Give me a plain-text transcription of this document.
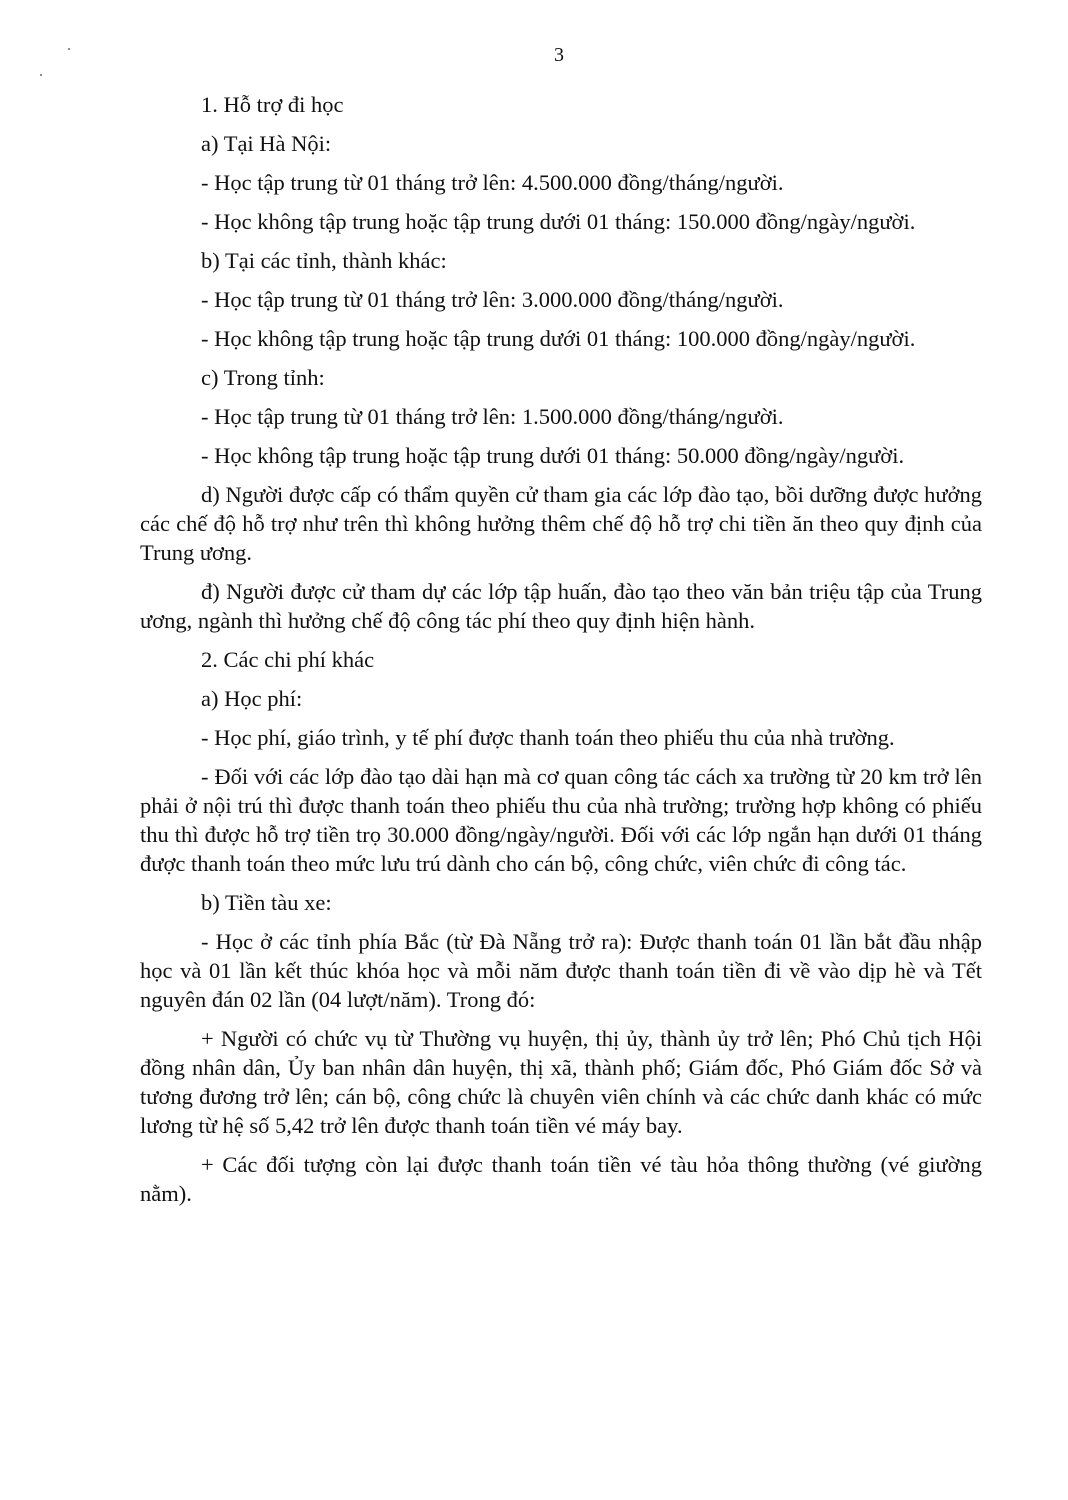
3

1. Hỗ trợ đi học

a) Tại Hà Nội:

- Học tập trung từ 01 tháng trở lên: 4.500.000 đồng/tháng/người.

- Học không tập trung hoặc tập trung dưới 01 tháng: 150.000 đồng/ngày/người.

b) Tại các tỉnh, thành khác:

- Học tập trung từ 01 tháng trở lên: 3.000.000 đồng/tháng/người.

- Học không tập trung hoặc tập trung dưới 01 tháng: 100.000 đồng/ngày/người.

c) Trong tỉnh:

- Học tập trung từ 01 tháng trở lên: 1.500.000 đồng/tháng/người.

- Học không tập trung hoặc tập trung dưới 01 tháng: 50.000 đồng/ngày/người.

d) Người được cấp có thẩm quyền cử tham gia các lớp đào tạo, bồi dưỡng được hưởng các chế độ hỗ trợ như trên thì không hưởng thêm chế độ hỗ trợ chi tiền ăn theo quy định của Trung ương.

đ) Người được cử tham dự các lớp tập huấn, đào tạo theo văn bản triệu tập của Trung ương, ngành thì hưởng chế độ công tác phí theo quy định hiện hành.

2. Các chi phí khác

a) Học phí:

- Học phí, giáo trình, y tế phí được thanh toán theo phiếu thu của nhà trường.

- Đối với các lớp đào tạo dài hạn mà cơ quan công tác cách xa trường từ 20 km trở lên phải ở nội trú thì được thanh toán theo phiếu thu của nhà trường; trường hợp không có phiếu thu thì được hỗ trợ tiền trọ 30.000 đồng/ngày/người. Đối với các lớp ngắn hạn dưới 01 tháng được thanh toán theo mức lưu trú dành cho cán bộ, công chức, viên chức đi công tác.

b) Tiền tàu xe:

- Học ở các tỉnh phía Bắc (từ Đà Nẵng trở ra): Được thanh toán 01 lần bắt đầu nhập học và 01 lần kết thúc khóa học và mỗi năm được thanh toán tiền đi về vào dịp hè và Tết nguyên đán 02 lần (04 lượt/năm). Trong đó:

+ Người có chức vụ từ Thường vụ huyện, thị ủy, thành ủy trở lên; Phó Chủ tịch Hội đồng nhân dân, Ủy ban nhân dân huyện, thị xã, thành phố; Giám đốc, Phó Giám đốc Sở và tương đương trở lên; cán bộ, công chức là chuyên viên chính và các chức danh khác có mức lương từ hệ số 5,42 trở lên được thanh toán tiền vé máy bay.

+ Các đối tượng còn lại được thanh toán tiền vé tàu hỏa thông thường (vé giường nằm).
